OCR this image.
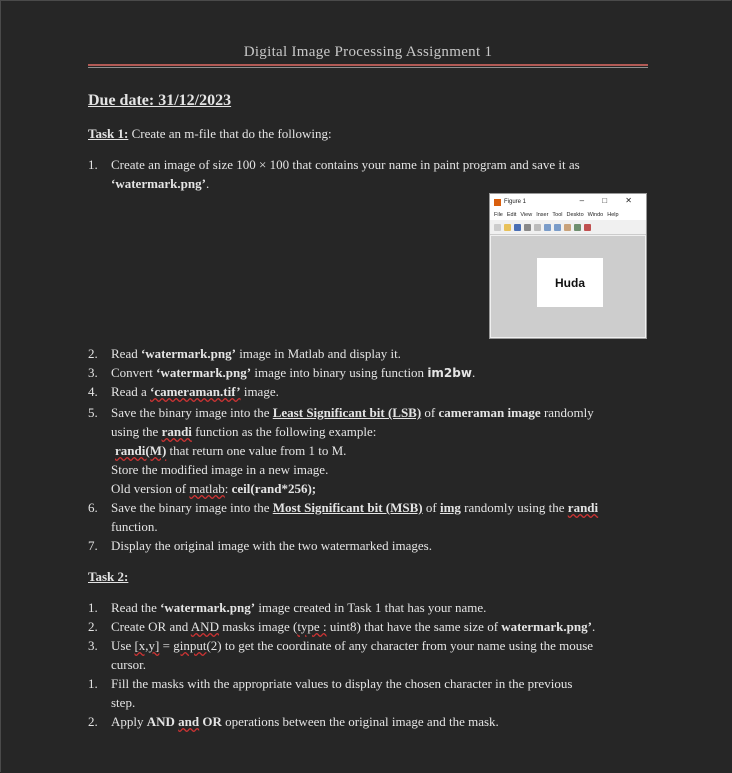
Digital Image Processing Assignment 1
Due date: 31/12/2023
Task 1: Create an m-file that do the following:
1. Create an image of size 100 × 100 that contains your name in paint program and save it as
‘watermark.png’.
Figure 1	– □ ✕
File Edit View Inser Tool Deskto Windo Help
Huda
2. Read ‘watermark.png’ image in Matlab and display it.
3. Convert ‘watermark.png’ image into binary using function im2bw.
4. Read a ‘cameraman.tif’ image.
5. Save the binary image into the Least Significant bit (LSB) of cameraman image randomly
using the randi function as the following example:
randi(M) that return one value from 1 to M.
Store the modified image in a new image.
Old version of matlab: ceil(rand*256);
6. Save the binary image into the Most Significant bit (MSB) of img randomly using the randi
function.
7. Display the original image with the two watermarked images.
Task 2:
1. Read the ‘watermark.png’ image created in Task 1 that has your name.
2. Create OR and AND masks image (type : uint8) that have the same size of watermark.png’.
3. Use [x,y] = ginput(2) to get the coordinate of any character from your name using the mouse
cursor.
1. Fill the masks with the appropriate values to display the chosen character in the previous
step.
2. Apply AND and OR operations between the original image and the mask.
